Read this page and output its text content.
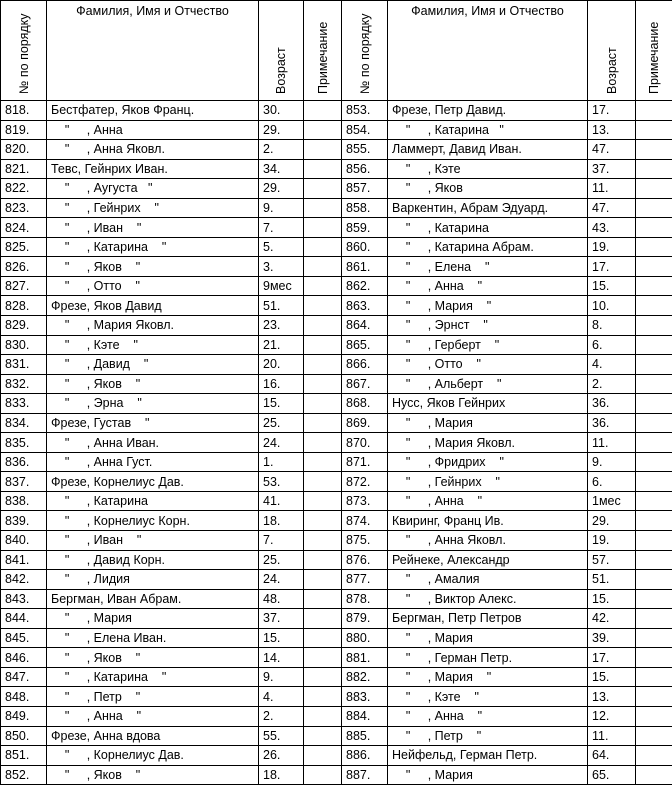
№ по порядку	Фамилия, Имя и Отчество	Возраст	Примечание	№ по порядку	Фамилия, Имя и Отчество	Возраст	Примечание

818.	Бестфатер, Яков Франц.	30.		853.	Фрезе, Петр Давид.	17.	
819.	"     , Анна	29.		854.	"     , Катарина   "	13.	
820.	"     , Анна Яковл.	2.		855.	Ламмерт, Давид Иван.	47.	
821.	Тевс, Гейнрих Иван.	34.		856.	"     , Кэте	37.	
822.	"     , Аугуста   "	29.		857.	"     , Яков	11.	
823.	"     , Гейнрих    "	9.		858.	Варкентин, Абрам Эдуард.	47.	
824.	"     , Иван    "	7.		859.	"     , Катарина	43.	
825.	"     , Катарина    "	5.		860.	"     , Катарина Абрам.	19.	
826.	"     , Яков    "	3.		861.	"     , Елена    "	17.	
827.	"     , Отто    "	9мес		862.	"     , Анна    "	15.	
828.	Фрезе, Яков Давид	51.		863.	"     , Мария    "	10.	
829.	"     , Мария Яковл.	23.		864.	"     , Эрнст    "	8.	
830.	"     , Кэте    "	21.		865.	"     , Герберт    "	6.	
831.	"     , Давид    "	20.		866.	"     , Отто    "	4.	
832.	"     , Яков    "	16.		867.	"     , Альберт    "	2.	
833.	"     , Эрна    "	15.		868.	Нусс, Яков Гейнрих	36.	
834.	Фрезе, Густав    "	25.		869.	"     , Мария	36.	
835.	"     , Анна Иван.	24.		870.	"     , Мария Яковл.	11.	
836.	"     , Анна Густ.	1.		871.	"     , Фридрих    "	9.	
837.	Фрезе, Корнелиус Дав.	53.		872.	"     , Гейнрих    "	6.	
838.	"     , Катарина	41.		873.	"     , Анна    "	1мес	
839.	"     , Корнелиус Корн.	18.		874.	Квиринг, Франц Ив.	29.	
840.	"     , Иван    "	7.		875.	"     , Анна Яковл.	19.	
841.	"     , Давид Корн.	25.		876.	Рейнеке, Александр	57.	
842.	"     , Лидия	24.		877.	"     , Амалия	51.	
843.	Бергман, Иван Абрам.	48.		878.	"     , Виктор Алекс.	15.	
844.	"     , Мария	37.		879.	Бергман, Петр Петров	42.	
845.	"     , Елена Иван.	15.		880.	"     , Мария	39.	
846.	"     , Яков    "	14.		881.	"     , Герман Петр.	17.	
847.	"     , Катарина    "	9.		882.	"     , Мария    "	15.	
848.	"     , Петр    "	4.		883.	"     , Кэте    "	13.	
849.	"     , Анна    "	2.		884.	"     , Анна    "	12.	
850.	Фрезе, Анна вдова	55.		885.	"     , Петр    "	11.	
851.	"     , Корнелиус Дав.	26.		886.	Нейфельд, Герман Петр.	64.	
852.	"     , Яков    "	18.		887.	"     , Мария	65.	
